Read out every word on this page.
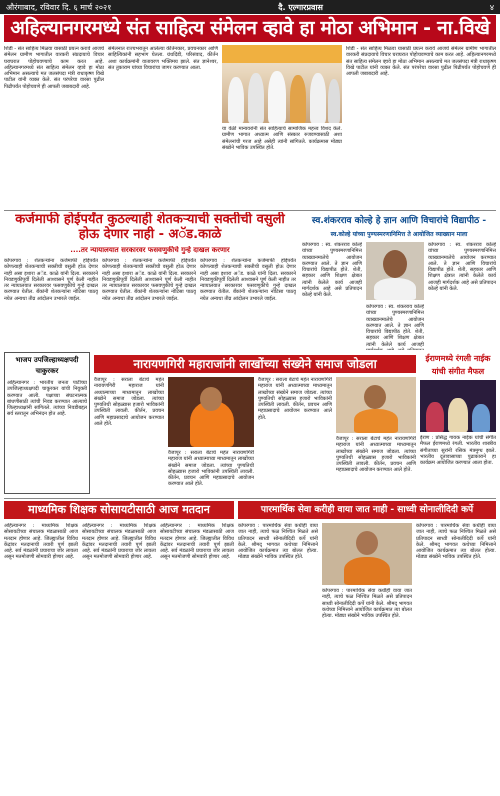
औरंगाबाद, रविवार दि. ६ मार्च २०२१	दै. एल्गारप्रवास	४
अहिल्यानगरमध्ये संत साहित्य संमेलन व्हावे हा मोठा अभिमान - ना.विखे
शिर्डी - संत साहित्य मिळवा यासाठी प्रयत्न करावे आजचे संमेलन ग्रामीण भागातील वारकरी संप्रदायाचे विचार घराघरात पोहोचवण्याचे काम करत आहे. अहिल्यानगरमध्ये संत साहित्य संमेलन व्हावे हा मोठा अभिमान असल्याचे मत जलसंपदा मंत्री राधाकृष्ण विखे पाटील यांनी व्यक्त केले. संत परंपरेचा वारसा पुढील पिढीपर्यंत पोहोचवणे ही आपली जबाबदारी आहे.
संमेलनात राज्यभरातून आलेल्या कीर्तनकार, प्रवचनकार आणि साहित्यिकांनी सहभाग घेतला. ग्रंथदिंडी, परिसंवाद, कीर्तन अशा कार्यक्रमांनी वातावरण भक्तिमय झाले. संत ज्ञानेश्वर, संत तुकाराम यांच्या विचारांचा जागर करण्यात आला.
या वेळी मान्यवरांनी संत साहित्याचे सामाजिक महत्त्व विशद केले. ग्रामीण भागात अध्यात्म आणि संस्कार रुजवण्यासाठी अशा संमेलनांची गरज आहे असेही त्यांनी सांगितले. कार्यक्रमास मोठ्या संख्येने भाविक उपस्थित होते.
शिर्डी - संत साहित्य मिळवा यासाठी प्रयत्न करावे आजचे संमेलन ग्रामीण भागातील वारकरी संप्रदायाचे विचार घराघरात पोहोचवण्याचे काम करत आहे. अहिल्यानगरमध्ये संत साहित्य संमेलन व्हावे हा मोठा अभिमान असल्याचे मत जलसंपदा मंत्री राधाकृष्ण विखे पाटील यांनी व्यक्त केले. संत परंपरेचा वारसा पुढील पिढीपर्यंत पोहोचवणे ही आपली जबाबदारी आहे.
कर्जमाफी होईपर्यंत कुठल्याही शेतकऱ्याची सक्तीची वसुली होऊ देणार नाही - अॅड.काळे
....तर न्यायालयात सरकारवर फसवणुकीचे गुन्हे दाखल करणार
कोपरगाव : शेतकऱ्यांना कर्जमाफी होईपर्यंत कोणत्याही शेतकऱ्याची सक्तीची वसुली होऊ देणार नाही असा इशारा अॅड. काळे यांनी दिला. सरकारने निवडणुकीपूर्वी दिलेली आश्वासने पूर्ण केली नाहीत तर न्यायालयात सरकारवर फसवणुकीचे गुन्हे दाखल करण्यात येतील. बँकांनी शेतकऱ्यांना नोटिसा पाठवू नयेत अन्यथा तीव्र आंदोलन उभारले जाईल.
कोपरगाव : शेतकऱ्यांना कर्जमाफी होईपर्यंत कोणत्याही शेतकऱ्याची सक्तीची वसुली होऊ देणार नाही असा इशारा अॅड. काळे यांनी दिला. सरकारने निवडणुकीपूर्वी दिलेली आश्वासने पूर्ण केली नाहीत तर न्यायालयात सरकारवर फसवणुकीचे गुन्हे दाखल करण्यात येतील. बँकांनी शेतकऱ्यांना नोटिसा पाठवू नयेत अन्यथा तीव्र आंदोलन उभारले जाईल.
कोपरगाव : शेतकऱ्यांना कर्जमाफी होईपर्यंत कोणत्याही शेतकऱ्याची सक्तीची वसुली होऊ देणार नाही असा इशारा अॅड. काळे यांनी दिला. सरकारने निवडणुकीपूर्वी दिलेली आश्वासने पूर्ण केली नाहीत तर न्यायालयात सरकारवर फसवणुकीचे गुन्हे दाखल करण्यात येतील. बँकांनी शेतकऱ्यांना नोटिसा पाठवू नयेत अन्यथा तीव्र आंदोलन उभारले जाईल.
स्व.शंकरराव कोल्हे हे ज्ञान आणि विचारांचे विद्यापीठ -
स्व.कोल्हे यांच्या पुण्यस्मरणानिमित्त ते आयोजित व्याख्यान माला
कोपरगाव : स्व. शंकरराव कोल्हे यांच्या पुण्यस्मरणानिमित्त व्याख्यानमालेचे आयोजन करण्यात आले. ते ज्ञान आणि विचारांचे विद्यापीठ होते. शेती, सहकार आणि शिक्षण क्षेत्रात त्यांनी केलेले कार्य आजही मार्गदर्शक आहे असे प्रतिपादन कोल्हे यांनी केले.
कोपरगाव : स्व. शंकरराव कोल्हे यांच्या पुण्यस्मरणानिमित्त व्याख्यानमालेचे आयोजन करण्यात आले. ते ज्ञान आणि विचारांचे विद्यापीठ होते. शेती, सहकार आणि शिक्षण क्षेत्रात त्यांनी केलेले कार्य आजही मार्गदर्शक आहे असे प्रतिपादन कोल्हे यांनी केले.
कोपरगाव : स्व. शंकरराव कोल्हे यांच्या पुण्यस्मरणानिमित्त व्याख्यानमालेचे आयोजन करण्यात आले. ते ज्ञान आणि विचारांचे विद्यापीठ होते. शेती, सहकार आणि शिक्षण क्षेत्रात त्यांनी केलेले कार्य आजही
भाजप उपजिल्हाध्यक्षपदी चाकुरकर
अहिल्यानगर : भारतीय जनता पार्टीच्या उपजिल्हाध्यक्षपदी चाकुरकर यांची नियुक्ती करण्यात आली. पक्षाच्या संघटनात्मक बांधणीसाठी त्यांची निवड करण्यात आल्याचे जिल्हाध्यक्षांनी सांगितले. त्यांच्या निवडीबद्दल सर्व स्तरातून अभिनंदन होत आहे.
नारायणगिरी महाराजांनी लाखोंच्या संख्येने समाज जोडला
वैजापूर : सराला बेटाचे महंत नारायणगिरी महाराज यांनी अध्यात्माच्या माध्यमातून लाखोंच्या संख्येने समाज जोडला. त्यांच्या पुण्यतिथी सोहळ्यास हजारो भाविकांनी उपस्थिती लावली. कीर्तन, प्रवचन आणि महाप्रसादाचे आयोजन करण्यात आले होते.
वैजापूर : सराला बेटाचे महंत नारायणगिरी महाराज यांनी अध्यात्माच्या माध्यमातून लाखोंच्या संख्येने समाज जोडला. त्यांच्या पुण्यतिथी सोहळ्यास हजारो भाविकांनी उपस्थिती लावली. कीर्तन, प्रवचन आणि महाप्रसादाचे आयोजन करण्यात आले होते.
वैजापूर : सराला बेटाचे महंत नारायणगिरी महाराज यांनी अध्यात्माच्या माध्यमातून लाखोंच्या संख्येने समाज जोडला. त्यांच्या पुण्यतिथी सोहळ्यास हजारो भाविकांनी उपस्थिती लावली. कीर्तन, प्रवचन आणि महाप्रसादाचे आयोजन करण्यात आले होते.
वैजापूर : सराला बेटाचे महंत नारायणगिरी महाराज यांनी अध्यात्माच्या माध्यमातून लाखोंच्या संख्येने समाज जोडला. त्यांच्या पुण्यतिथी सोहळ्यास हजारो भाविकांनी उपस्थिती लावली. कीर्तन, प्रवचन आणि महाप्रसादाचे आयोजन करण्यात आले होते.
ईराणमध्ये रंगली नाईक यांची संगीत मैफल
ईराण : प्रसिद्ध गायक नाईक यांची संगीत मैफल ईराणमध्ये रंगली. भारतीय शास्त्रीय संगीताच्या सुरांनी रसिक मंत्रमुग्ध झाले. भारतीय दूतावासाच्या पुढाकाराने हा कार्यक्रम आयोजित करण्यात आला होता.
माध्यमिक शिक्षक सोसायटीसाठी आज मतदान
अहिल्यानगर : माध्यमिक शिक्षक सोसायटीच्या संचालक मंडळासाठी आज मतदान होणार आहे. जिल्ह्यातील विविध केंद्रांवर मतदानाची तयारी पूर्ण झाली आहे. सर्व मंडळांनी प्रचाराचा जोर लावला असून मतमोजणी सोमवारी होणार आहे.
अहिल्यानगर : माध्यमिक शिक्षक सोसायटीच्या संचालक मंडळासाठी आज मतदान होणार आहे. जिल्ह्यातील विविध केंद्रांवर मतदानाची तयारी पूर्ण झाली आहे. सर्व मंडळांनी प्रचाराचा जोर लावला असून मतमोजणी सोमवारी होणार आहे.
अहिल्यानगर : माध्यमिक शिक्षक सोसायटीच्या संचालक मंडळासाठी आज मतदान होणार आहे. जिल्ह्यातील विविध केंद्रांवर मतदानाची तयारी पूर्ण झाली आहे. सर्व मंडळांनी प्रचाराचा जोर लावला असून मतमोजणी सोमवारी होणार आहे.
पारमार्थिक सेवा करीही वाया जात नाही - साध्वी सोनालीदिदी कर्पे
कोपरगाव : पारमार्थिक सेवा कधीही वाया जात नाही, त्याचे फळ निश्चित मिळते असे प्रतिपादन साध्वी सोनालीदिदी कर्पे यांनी केले. श्रीमद् भागवत कथेच्या निमित्ताने आयोजित कार्यक्रमात त्या बोलत होत्या. मोठ्या संख्येने भाविक उपस्थित होते.
कोपरगाव : पारमार्थिक सेवा कधीही वाया जात नाही, त्याचे फळ निश्चित मिळते असे प्रतिपादन साध्वी सोनालीदिदी कर्पे यांनी केले. श्रीमद् भागवत कथेच्या निमित्ताने आयोजित कार्यक्रमात त्या बोलत होत्या. मोठ्या संख्येने भाविक उपस्थित होते.
कोपरगाव : पारमार्थिक सेवा कधीही वाया जात नाही, त्याचे फळ निश्चित मिळते असे प्रतिपादन साध्वी सोनालीदिदी कर्पे यांनी केले. श्रीमद् भागवत कथेच्या निमित्ताने आयोजित कार्यक्रमात त्या बोलत होत्या. मोठ्या संख्येने भाविक उपस्थित होते.
